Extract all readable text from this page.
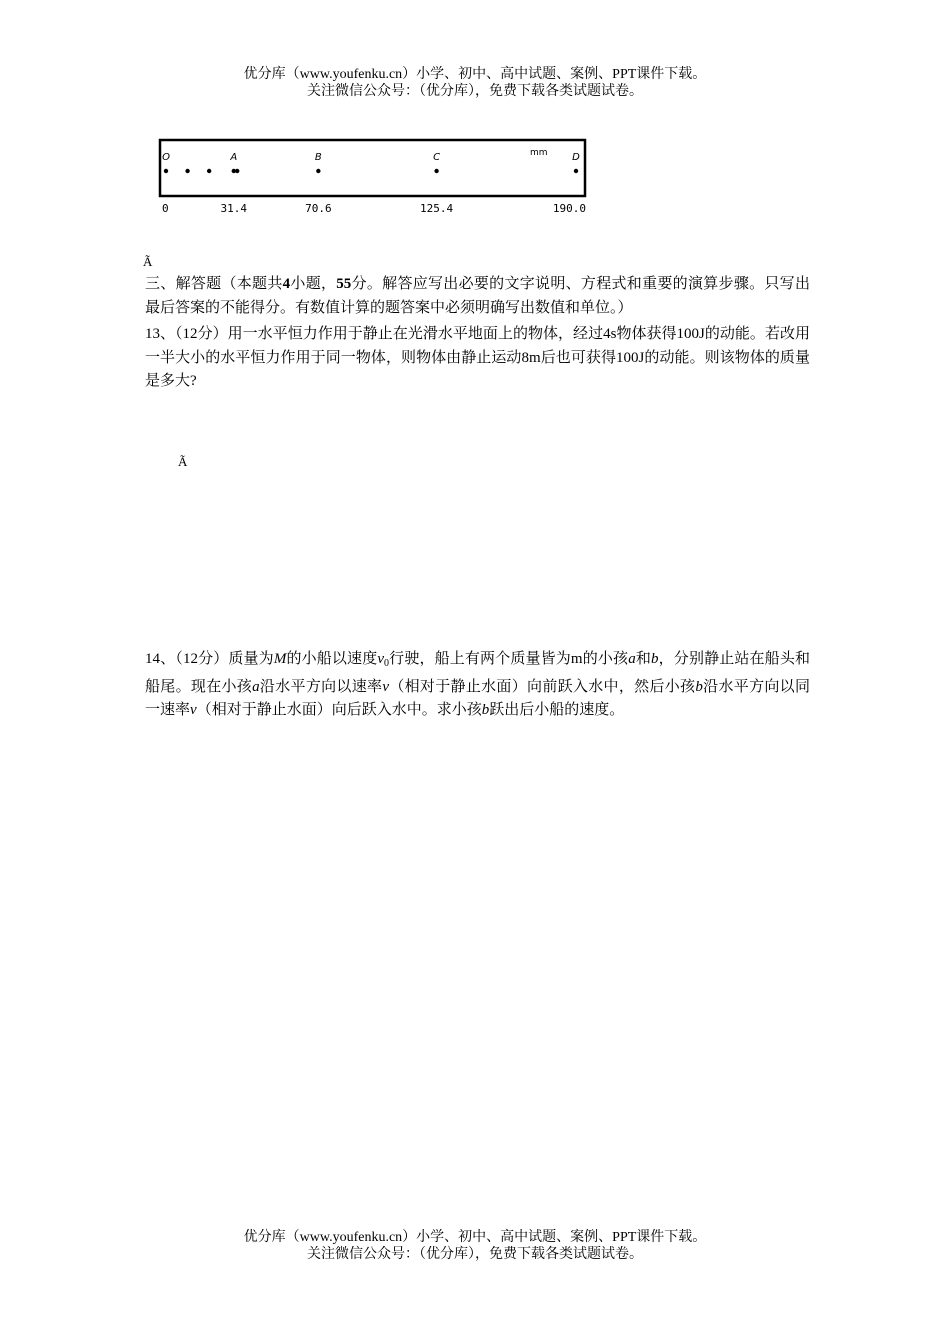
优分库（www.youfenku.cn）小学、初中、高中试题、案例、PPT课件下载。
关注微信公众号：（优分库），免费下载各类试题试卷。
O	A	B	C	D
mm
0	31.4	70.6	125.4	190.0
Ã
三、解答题（本题共4小题，55分。解答应写出必要的文字说明、方程式和重要的演算步骤。只写出最后答案的不能得分。有数值计算的题答案中必须明确写出数值和单位。）
13、（12分）用一水平恒力作用于静止在光滑水平地面上的物体，经过4s物体获得100J的动能。若改用一半大小的水平恒力作用于同一物体，则物体由静止运动8m后也可获得100J的动能。则该物体的质量是多大?
Ã
14、（12分）质量为M的小船以速度$v_0$行驶，船上有两个质量皆为m的小孩a和b，分别静止站在船头和船尾。现在小孩a沿水平方向以速率v（相对于静止水面）向前跃入水中，然后小孩b沿水平方向以同一速率v（相对于静止水面）向后跃入水中。求小孩b跃出后小船的速度。
优分库（www.youfenku.cn）小学、初中、高中试题、案例、PPT课件下载。
关注微信公众号：（优分库），免费下载各类试题试卷。
